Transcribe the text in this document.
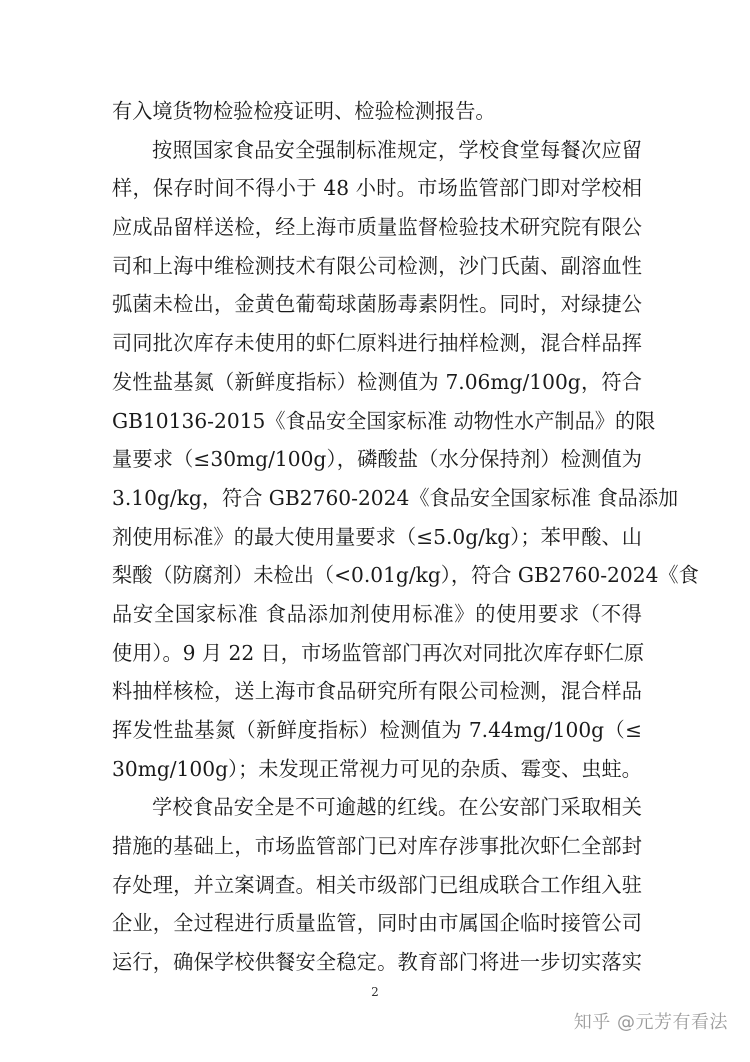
有入境货物检验检疫证明、检验检测报告。
按照国家食品安全强制标准规定，学校食堂每餐次应留
样，保存时间不得小于 48 小时。市场监管部门即对学校相
应成品留样送检，经上海市质量监督检验技术研究院有限公
司和上海中维检测技术有限公司检测，沙门氏菌、副溶血性
弧菌未检出，金黄色葡萄球菌肠毒素阴性。同时，对绿捷公
司同批次库存未使用的虾仁原料进行抽样检测，混合样品挥
发性盐基氮（新鲜度指标）检测值为 7.06mg/100g，符合
GB10136-2015《食品安全国家标准 动物性水产制品》的限
量要求（≤30mg/100g），磷酸盐（水分保持剂）检测值为
3.10g/kg，符合 GB2760-2024《食品安全国家标准 食品添加
剂使用标准》的最大使用量要求（≤5.0g/kg）；苯甲酸、山
梨酸（防腐剂）未检出（<0.01g/kg），符合 GB2760-2024《食
品安全国家标准 食品添加剂使用标准》的使用要求（不得
使用）。9 月 22 日，市场监管部门再次对同批次库存虾仁原
料抽样核检，送上海市食品研究所有限公司检测，混合样品
挥发性盐基氮（新鲜度指标）检测值为 7.44mg/100g（≤
30mg/100g）；未发现正常视力可见的杂质、霉变、虫蛀。
学校食品安全是不可逾越的红线。在公安部门采取相关
措施的基础上，市场监管部门已对库存涉事批次虾仁全部封
存处理，并立案调查。相关市级部门已组成联合工作组入驻
企业，全过程进行质量监管，同时由市属国企临时接管公司
运行，确保学校供餐安全稳定。教育部门将进一步切实落实
2
知乎 @元芳有看法
